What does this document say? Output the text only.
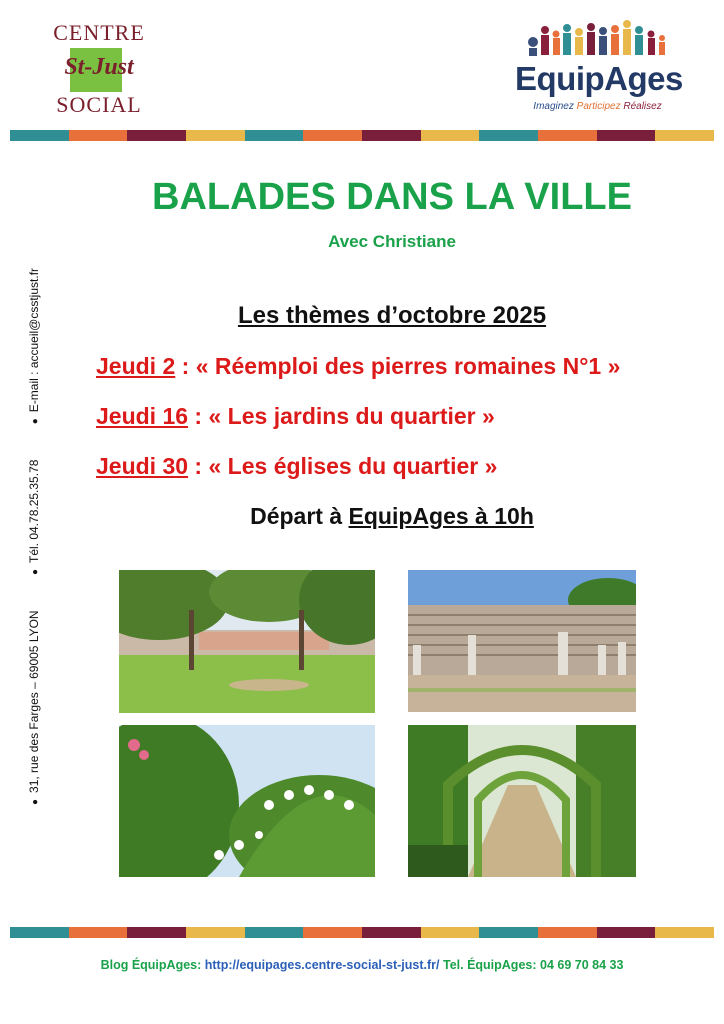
CENTRE
St-Just
SOCIAL
EquipAges
Imaginez Participez Réalisez
BALADES DANS LA VILLE
Avec Christiane
Les thèmes d’octobre 2025
Jeudi 2 : « Réemploi des pierres romaines N°1 »
Jeudi 16 : « Les jardins du quartier »
Jeudi 30 : « Les églises du quartier »
Départ à EquipAges à 10h
●31, rue des Farges – 69005 LYON ●Tél. 04.78.25.35.78 ●E-mail : accueil@csstjust.fr
Blog ÉquipAges: http://equipages.centre-social-st-just.fr/ Tel. ÉquipAges: 04 69 70 84 33
